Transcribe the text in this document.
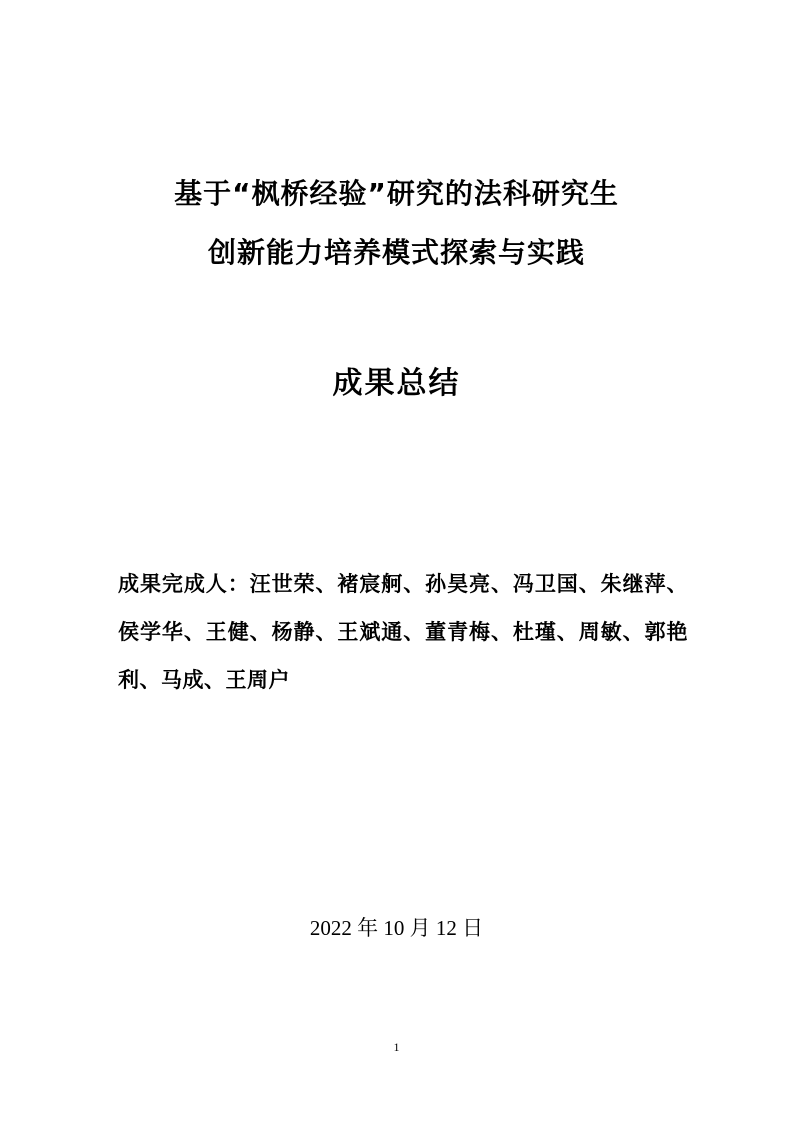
基于“枫桥经验”研究的法科研究生
创新能力培养模式探索与实践
成果总结
成果完成人：汪世荣、褚宸舸、孙昊亮、冯卫国、朱继萍、侯学华、王健、杨静、王斌通、董青梅、杜瑾、周敏、郭艳利、马成、王周户
2022 年 10 月 12 日
1
